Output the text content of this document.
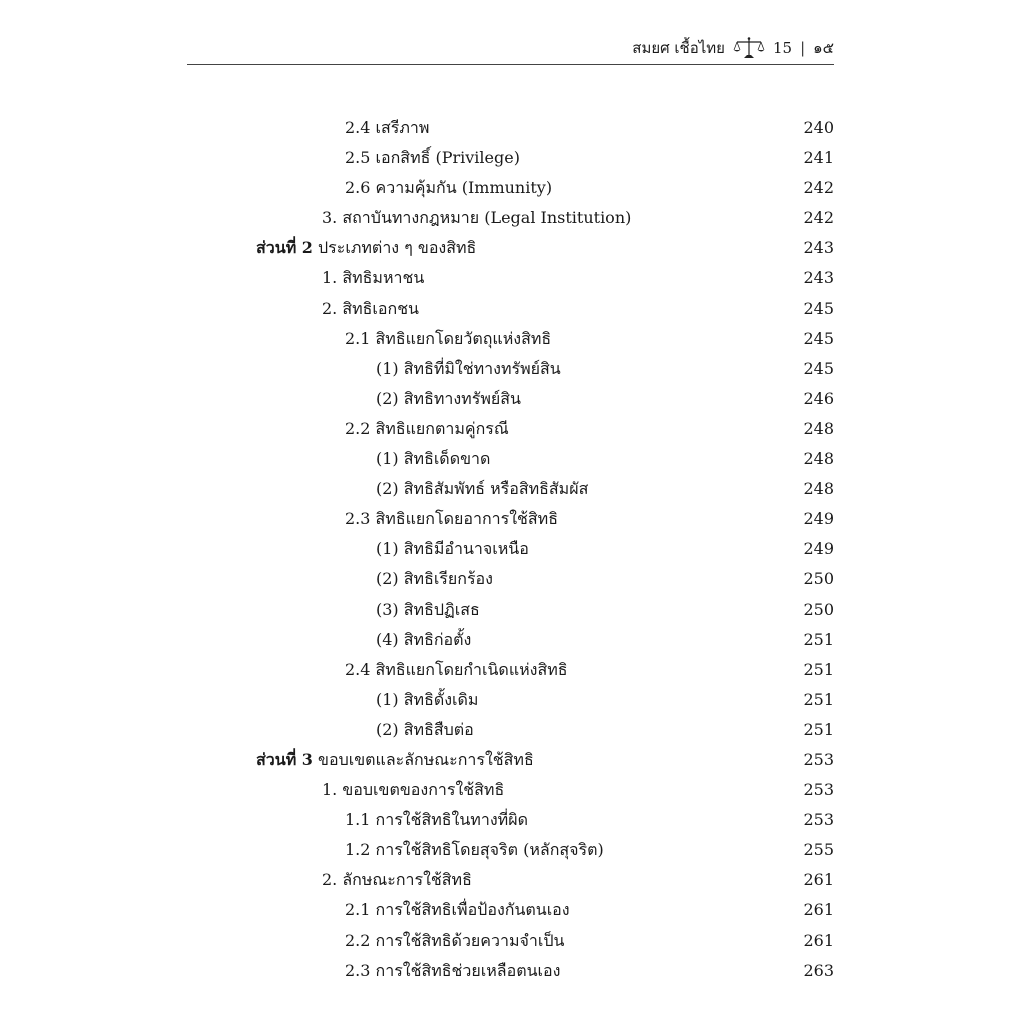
สมยศ เชื้อไทย	15 | ๑๕
2.4 เสรีภาพ	240
2.5 เอกสิทธิ์ (Privilege)	241
2.6 ความคุ้มกัน (Immunity)	242
3. สถาบันทางกฎหมาย (Legal Institution)	242
ส่วนที่ 2 ประเภทต่าง ๆ ของสิทธิ	243
1. สิทธิมหาชน	243
2. สิทธิเอกชน	245
2.1 สิทธิแยกโดยวัตถุแห่งสิทธิ	245
(1) สิทธิที่มิใช่ทางทรัพย์สิน	245
(2) สิทธิทางทรัพย์สิน	246
2.2 สิทธิแยกตามคู่กรณี	248
(1) สิทธิเด็ดขาด	248
(2) สิทธิสัมพัทธ์ หรือสิทธิสัมผัส	248
2.3 สิทธิแยกโดยอาการใช้สิทธิ	249
(1) สิทธิมีอำนาจเหนือ	249
(2) สิทธิเรียกร้อง	250
(3) สิทธิปฏิเสธ	250
(4) สิทธิก่อตั้ง	251
2.4 สิทธิแยกโดยกำเนิดแห่งสิทธิ	251
(1) สิทธิดั้งเดิม	251
(2) สิทธิสืบต่อ	251
ส่วนที่ 3 ขอบเขตและลักษณะการใช้สิทธิ	253
1. ขอบเขตของการใช้สิทธิ	253
1.1 การใช้สิทธิในทางที่ผิด	253
1.2 การใช้สิทธิโดยสุจริต (หลักสุจริต)	255
2. ลักษณะการใช้สิทธิ	261
2.1 การใช้สิทธิเพื่อป้องกันตนเอง	261
2.2 การใช้สิทธิด้วยความจำเป็น	261
2.3 การใช้สิทธิช่วยเหลือตนเอง	263
